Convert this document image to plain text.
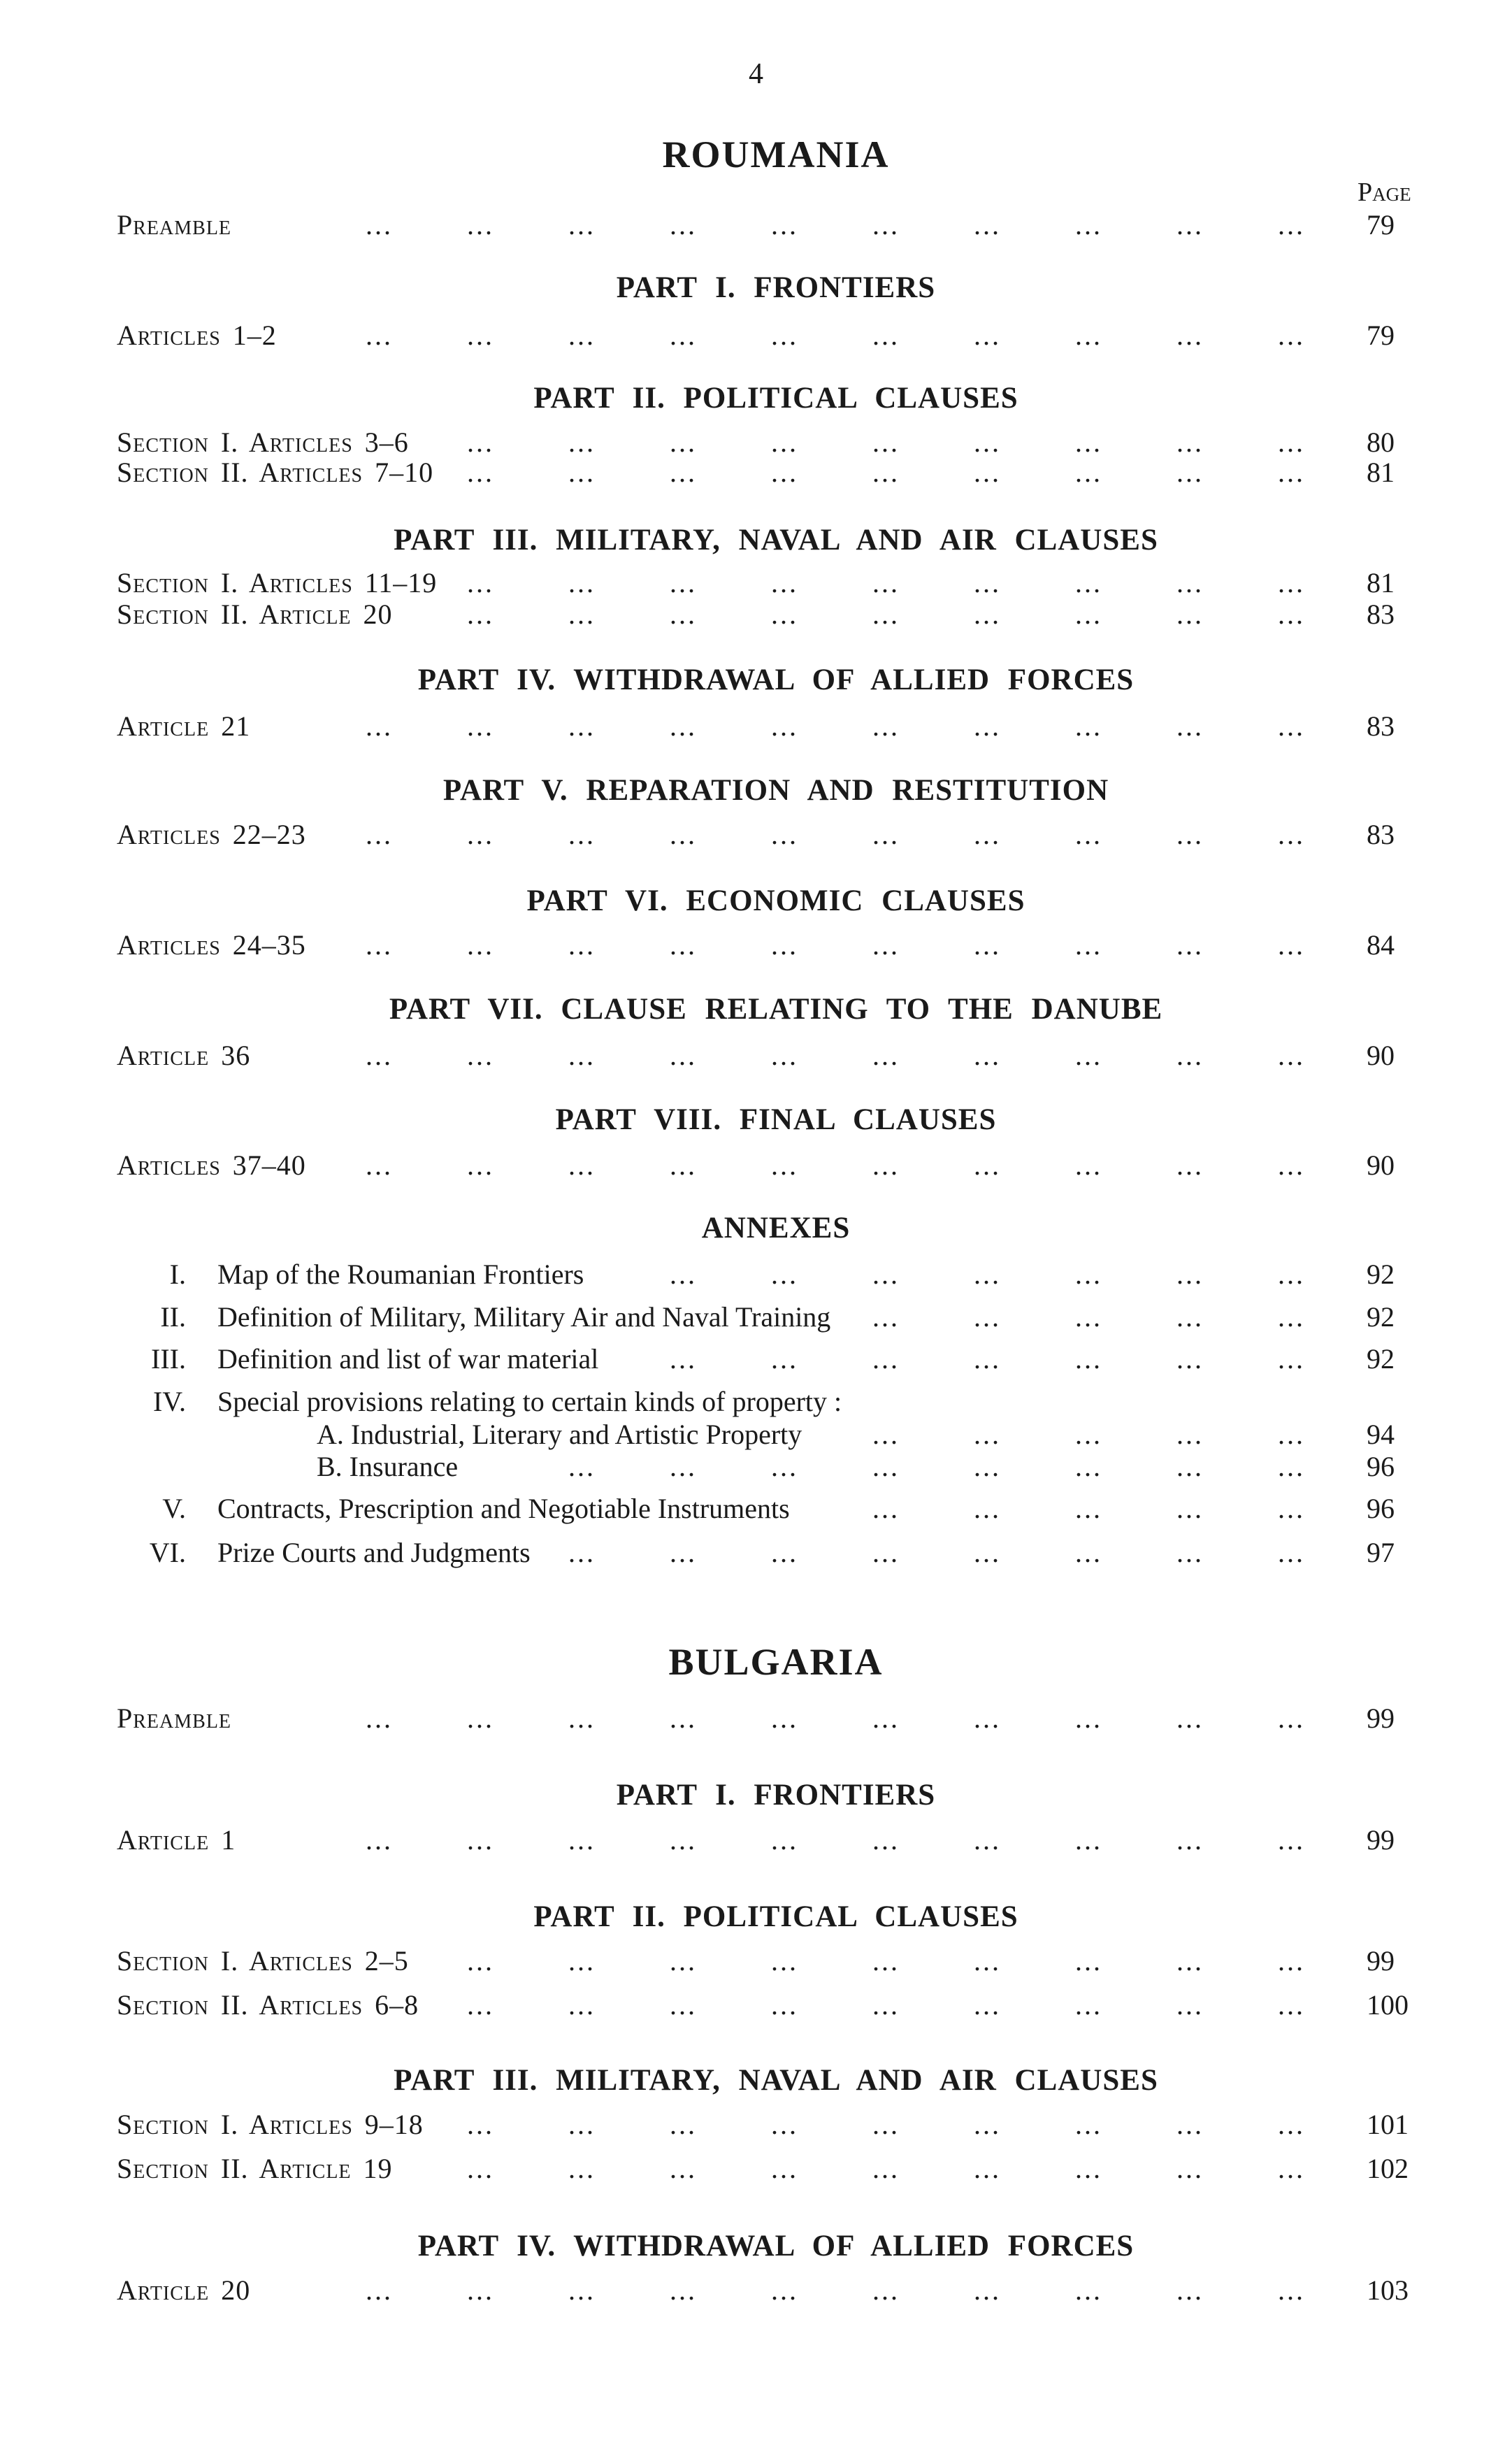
4
ROUMANIA
Page
Preamble	79
PART I. FRONTIERS
Articles 1–2	79
PART II. POLITICAL CLAUSES
Section I. Articles 3–6	80
Section II. Articles 7–10	81
PART III. MILITARY, NAVAL AND AIR CLAUSES
Section I. Articles 11–19	81
Section II. Article 20	83
PART IV. WITHDRAWAL OF ALLIED FORCES
Article 21	83
PART V. REPARATION AND RESTITUTION
Articles 22–23	83
PART VI. ECONOMIC CLAUSES
Articles 24–35	84
PART VII. CLAUSE RELATING TO THE DANUBE
Article 36	90
PART VIII. FINAL CLAUSES
Articles 37–40	90
ANNEXES
I. Map of the Roumanian Frontiers	92
II. Definition of Military, Military Air and Naval Training	92
III. Definition and list of war material	92
IV. Special provisions relating to certain kinds of property :
A. Industrial, Literary and Artistic Property	94
B. Insurance	96
V. Contracts, Prescription and Negotiable Instruments	96
VI. Prize Courts and Judgments	97
BULGARIA
Preamble	99
PART I. FRONTIERS
Article 1	99
PART II. POLITICAL CLAUSES
Section I. Articles 2–5	99
Section II. Articles 6–8	100
PART III. MILITARY, NAVAL AND AIR CLAUSES
Section I. Articles 9–18	101
Section II. Article 19	102
PART IV. WITHDRAWAL OF ALLIED FORCES
Article 20	103
...	...	...	...	...	...	...	...	...	...
...	...	...	...	...	...	...	...	...	...
...	...	...	...	...	...	...	...	...
...	...	...	...	...	...	...	...	...
...	...	...	...	...	...	...	...	...
...	...	...	...	...	...	...	...	...
...	...	...	...	...	...	...	...	...	...
...	...	...	...	...	...	...	...	...	...
...	...	...	...	...	...	...	...	...	...
...	...	...	...	...	...	...	...	...	...
...	...	...	...	...	...	...	...	...	...
...	...	...	...	...	...	...
...	...	...	...	...
...	...	...	...	...	...	...
...	...	...	...	...
...	...	...	...	...	...	...	...
...	...	...	...	...
...	...	...	...	...	...	...	...
...	...	...	...	...	...	...	...	...	...
...	...	...	...	...	...	...	...	...	...
...	...	...	...	...	...	...	...	...
...	...	...	...	...	...	...	...	...
...	...	...	...	...	...	...	...	...
...	...	...	...	...	...	...	...	...
...	...	...	...	...	...	...	...	...	...
